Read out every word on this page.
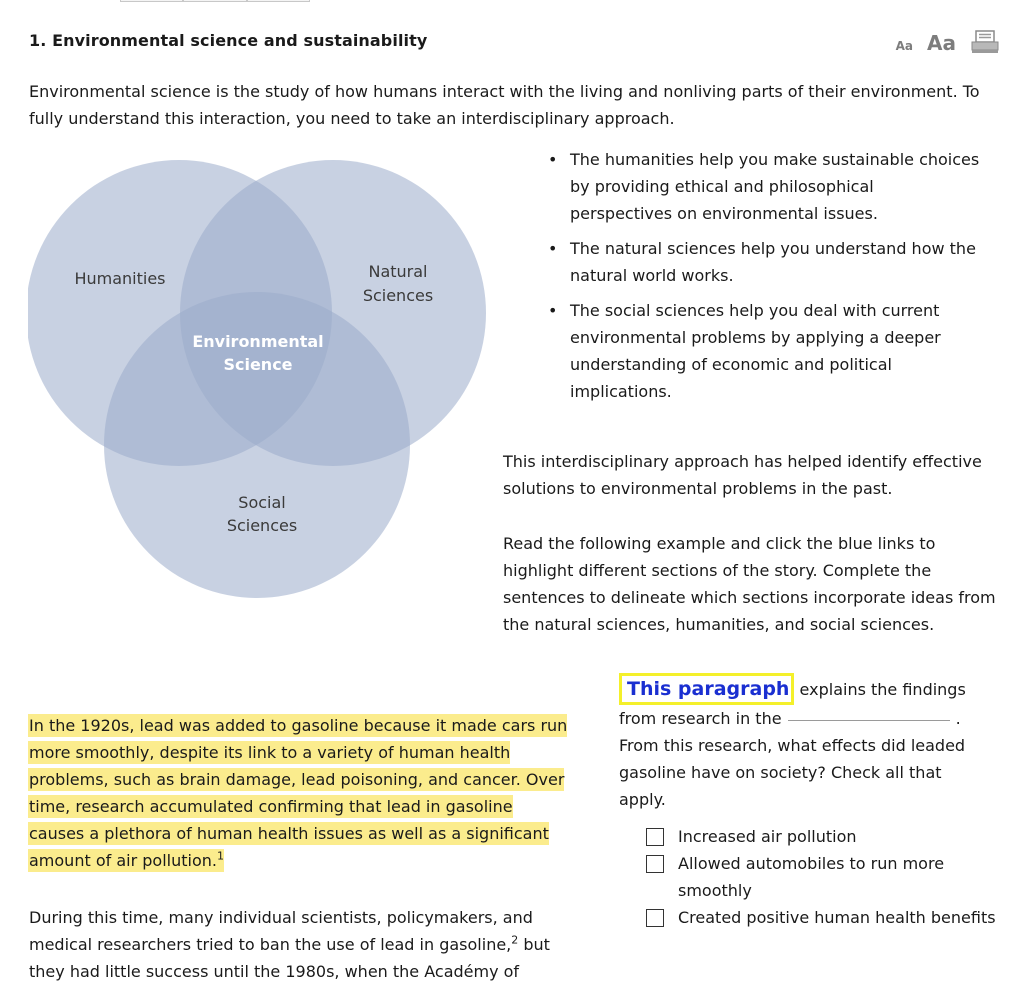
1. Environmental science and sustainability	Aa Aa
Environmental science is the study of how humans interact with the living and nonliving parts of their environment. To fully understand this interaction, you need to take an interdisciplinary approach.
Humanities	Natural
Sciences
Social
Sciences
Environmental
Science
• The humanities help you make sustainable choices by providing ethical and philosophical perspectives on environmental issues.
• The natural sciences help you understand how the natural world works.
• The social sciences help you deal with current environmental problems by applying a deeper understanding of economic and political implications.
This interdisciplinary approach has helped identify effective solutions to environmental problems in the past.
Read the following example and click the blue links to highlight different sections of the story. Complete the sentences to delineate which sections incorporate ideas from the natural sciences, humanities, and social sciences.
In the 1920s, lead was added to gasoline because it made cars run more smoothly, despite its link to a variety of human health problems, such as brain damage, lead poisoning, and cancer. Over time, research accumulated confirming that lead in gasoline causes a plethora of human health issues as well as a significant amount of air pollution.$^1$
During this time, many individual scientists, policymakers, and medical researchers tried to ban the use of lead in gasoline,$^2$ but they had little success until the 1980s, when the Académy of
This paragraph explains the findings from research in the	.
From this research, what effects did leaded gasoline have on society? Check all that apply.
Increased air pollution
Allowed automobiles to run more smoothly
Created positive human health benefits
